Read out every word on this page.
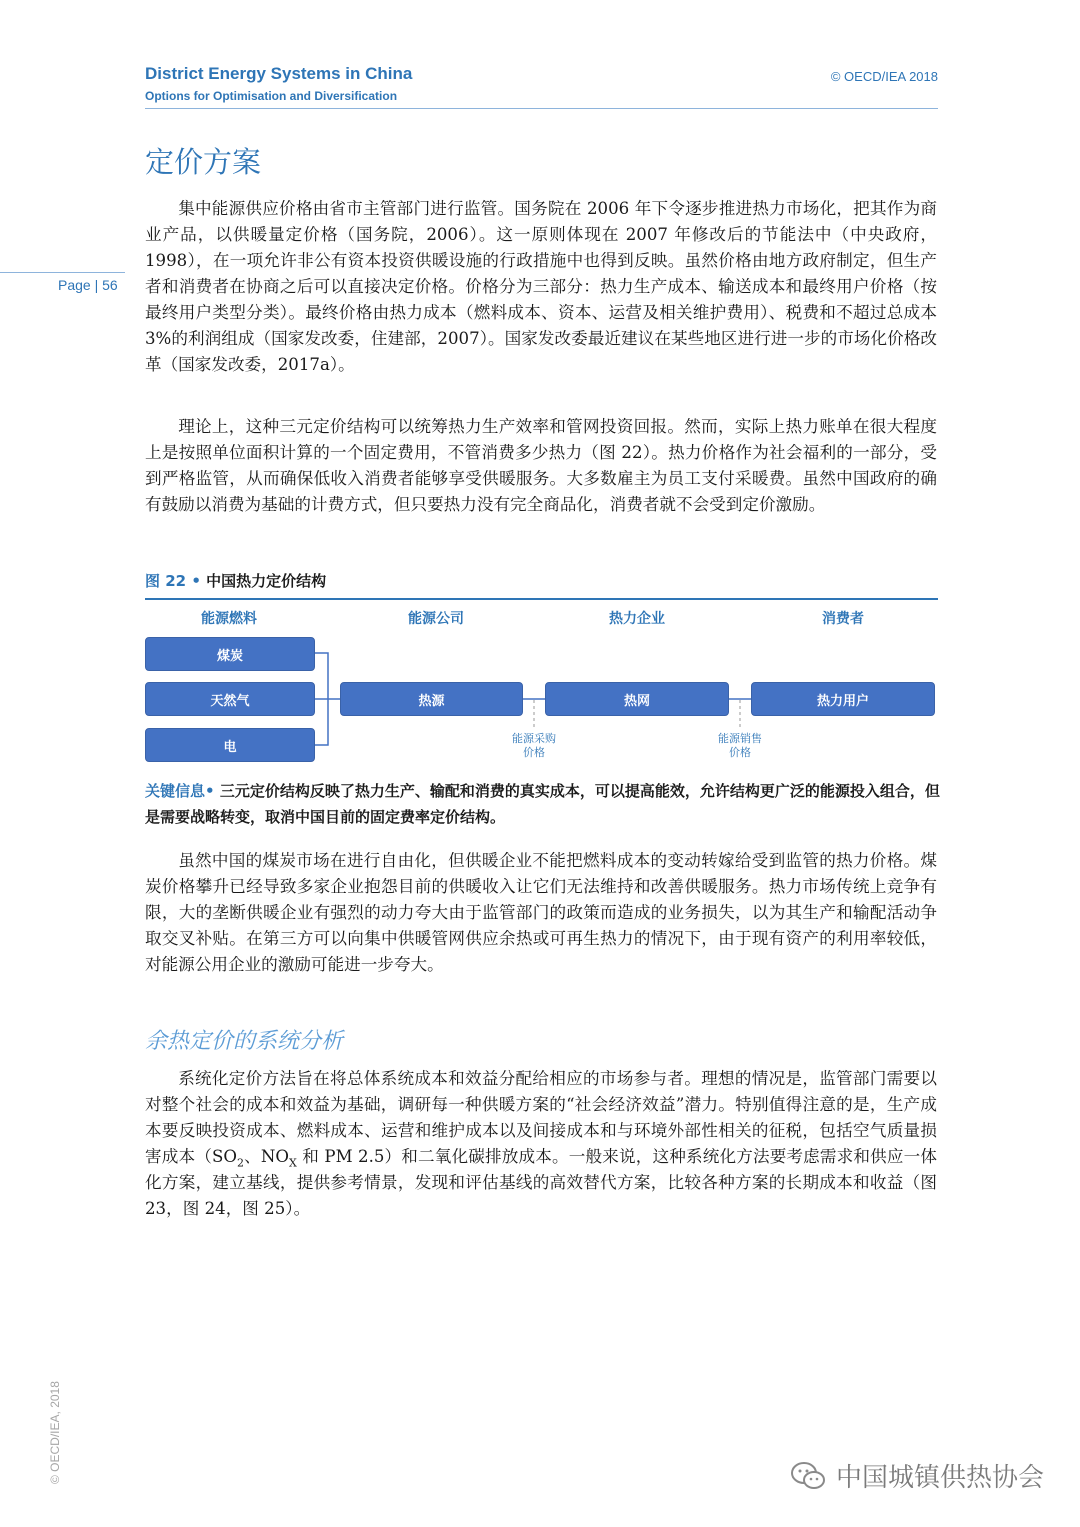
District Energy Systems in China
Options for Optimisation and Diversification
© OECD/IEA 2018
Page | 56
定价方案

集中能源供应价格由省市主管部门进行监管。国务院在 2006 年下令逐步推进热力市场化，把其作为商业产品，以供暖量定价格（国务院，2006）。这一原则体现在 2007 年修改后的节能法中（中央政府，1998），在一项允许非公有资本投资供暖设施的行政措施中也得到反映。虽然价格由地方政府制定，但生产者和消费者在协商之后可以直接决定价格。价格分为三部分：热力生产成本、输送成本和最终用户价格（按最终用户类型分类）。最终价格由热力成本（燃料成本、资本、运营及相关维护费用）、税费和不超过总成本 3%的利润组成（国家发改委，住建部，2007）。国家发改委最近建议在某些地区进行进一步的市场化价格改革（国家发改委，2017a）。

理论上，这种三元定价结构可以统筹热力生产效率和管网投资回报。然而，实际上热力账单在很大程度上是按照单位面积计算的一个固定费用，不管消费多少热力（图 22）。热力价格作为社会福利的一部分，受到严格监管，从而确保低收入消费者能够享受供暖服务。大多数雇主为员工支付采暖费。虽然中国政府的确有鼓励以消费为基础的计费方式，但只要热力没有完全商品化，消费者就不会受到定价激励。

图 22 • 中国热力定价结构
能源燃料	能源公司	热力企业	消费者
煤炭
天然气
电
热源	热网	热力用户
能源采购
价格
能源销售
价格

关键信息• 三元定价结构反映了热力生产、输配和消费的真实成本，可以提高能效，允许结构更广泛的能源投入组合，但是需要战略转变，取消中国目前的固定费率定价结构。

虽然中国的煤炭市场在进行自由化，但供暖企业不能把燃料成本的变动转嫁给受到监管的热力价格。煤炭价格攀升已经导致多家企业抱怨目前的供暖收入让它们无法维持和改善供暖服务。热力市场传统上竞争有限，大的垄断供暖企业有强烈的动力夸大由于监管部门的政策而造成的业务损失，以为其生产和输配活动争取交叉补贴。在第三方可以向集中供暖管网供应余热或可再生热力的情况下，由于现有资产的利用率较低，对能源公用企业的激励可能进一步夸大。

余热定价的系统分析

系统化定价方法旨在将总体系统成本和效益分配给相应的市场参与者。理想的情况是，监管部门需要以对整个社会的成本和效益为基础，调研每一种供暖方案的“社会经济效益”潜力。特别值得注意的是，生产成本要反映投资成本、燃料成本、运营和维护成本以及间接成本和与环境外部性相关的征税，包括空气质量损害成本（$SO_2$、$NO_X$ 和 PM 2.5）和二氧化碳排放成本。一般来说，这种系统化方法要考虑需求和供应一体化方案，建立基线，提供参考情景，发现和评估基线的高效替代方案，比较各种方案的长期成本和收益（图 23，图 24，图 25）。

© OECD/IEA, 2018	中国城镇供热协会
